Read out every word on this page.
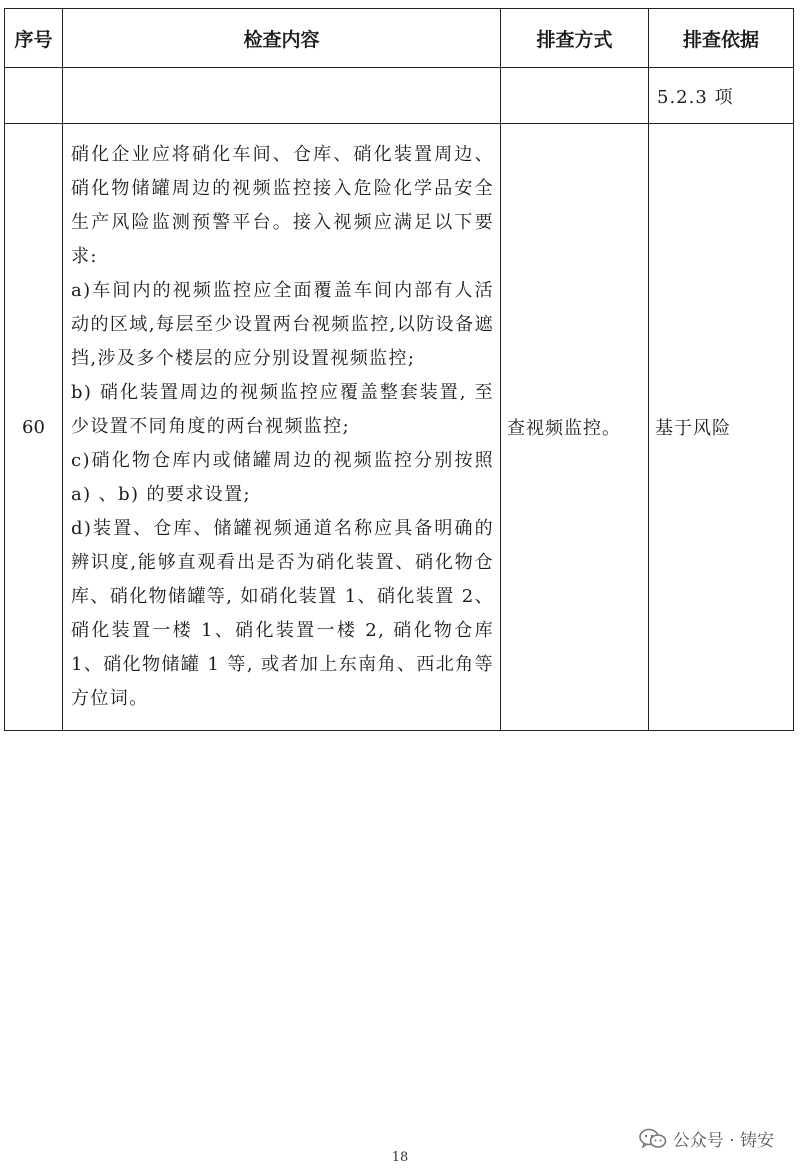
序号	检查内容	排查方式	排查依据
			5.2.3 项
60	硝化企业应将硝化车间、仓库、硝化装置周边、硝化物储罐周边的视频监控接入危险化学品安全生产风险监测预警平台。接入视频应满足以下要求:

a)车间内的视频监控应全面覆盖车间内部有人活动的区域,每层至少设置两台视频监控,以防设备遮挡,涉及多个楼层的应分别设置视频监控;

b) 硝化装置周边的视频监控应覆盖整套装置, 至少设置不同角度的两台视频监控;

c)硝化物仓库内或储罐周边的视频监控分别按照 a) 、b) 的要求设置;

d)装置、仓库、储罐视频通道名称应具备明确的辨识度,能够直观看出是否为硝化装置、硝化物仓库、硝化物储罐等, 如硝化装置 1、硝化装置 2、硝化装置一楼 1、硝化装置一楼 2, 硝化物仓库 1、硝化物储罐 1 等, 或者加上东南角、西北角等方位词。	查视频监控。	基于风险
公众号 · 铸安
18
